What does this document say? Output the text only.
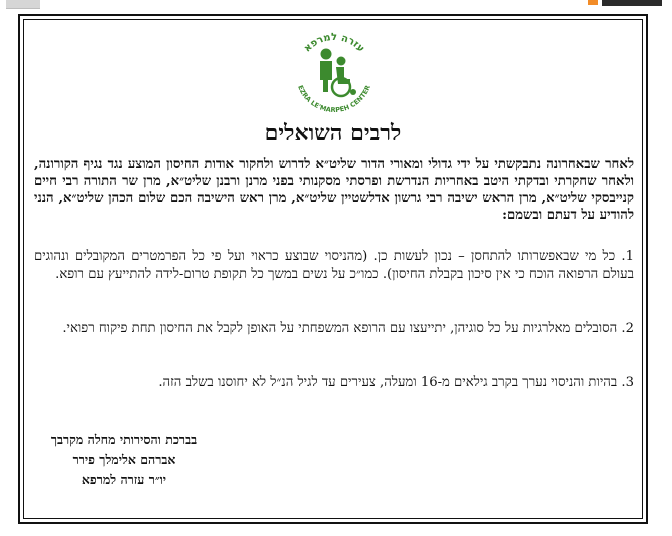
עזרה למרפא
EZRA LE'MARPEH CENTER
לרבים השואלים
לאחר שבאחרונה נתבקשתי על ידי גדולי ומאורי הדור שליט״א לדרוש ולחקור אודות החיסון המוצע נגד נגיף הקורונה, ולאחר שחקרתי ובדקתי היטב באחריות הנדרשת ופרסתי מסקנותי בפני מרנן ורבנן שליט״א, מרן שר התורה רבי חיים קנייבסקי שליט״א, מרן הראש ישיבה רבי גרשון אדלשטיין שליט״א, מרן ראש הישיבה הכם שלום הכהן שליט״א, הנני להודיע על דעתם ובשמם:
1. כל מי שבאפשרותו להתחסן – נכון לעשות כן. (מהניסוי שבוצע כראוי ועל פי כל הפרמטרים המקובלים ונהוגים בעולם הרפואה הוכח כי אין סיכון בקבלת החיסון). כמו״כ על נשים במשך כל תקופת טרום-לידה להתייעץ עם רופא.
2. הסובלים מאלרגיות על כל סוגיהן, יתייעצו עם הרופא המשפחתי על האופן לקבל את החיסון תחת פיקוח רפואי.
3. בהיות והניסוי נערך בקרב גילאים מ-16 ומעלה, צעירים עד לגיל הנ״ל לא יחוסנו בשלב הזה.
בברכת והסירותי מחלה מקרבך
אברהם אלימלך פירר
יו״ר עזרה למרפא
